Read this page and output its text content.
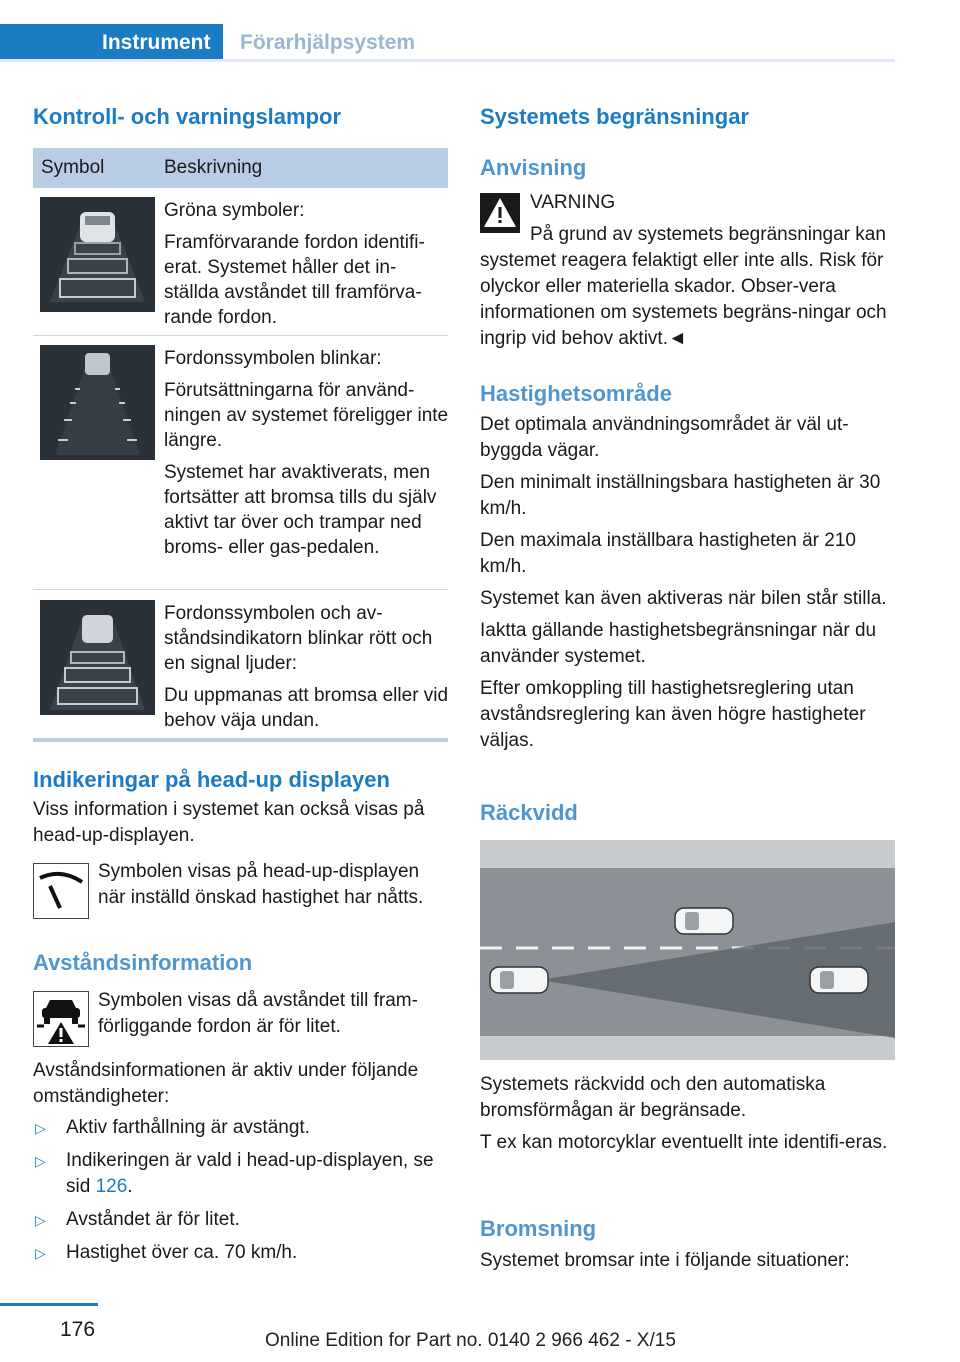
Instrument	Förarhjälpsystem
Kontroll- och varningslampor
Symbol	Beskrivning

Gröna symboler:

Framförvarande fordon identifi-erat. Systemet håller det in-ställda avståndet till framförva-rande fordon.

Fordonssymbolen blinkar:

Förutsättningarna för använd-ningen av systemet föreligger inte längre.

Systemet har avaktiverats, men fortsätter att bromsa tills du själv aktivt tar över och trampar ned broms- eller gas-pedalen.

Fordonssymbolen och av-ståndsindikatorn blinkar rött och en signal ljuder:

Du uppmanas att bromsa eller vid behov väja undan.

Indikeringar på head-up displayen
Viss information i systemet kan också visas på head-up-displayen.
Symbolen visas på head-up-displayen när inställd önskad hastighet har nåtts.
Avståndsinformation
Symbolen visas då avståndet till fram-förliggande fordon är för litet.
Avståndsinformationen är aktiv under följande omständigheter:
▷ Aktiv farthållning är avstängt.
▷ Indikeringen är vald i head-up-displayen, se sid 126.
▷ Avståndet är för litet.
▷ Hastighet över ca. 70 km/h.
Systemets begränsningar
Anvisning
VARNING
På grund av systemets begränsningar kan systemet reagera felaktigt eller inte alls. Risk för olyckor eller materiella skador. Obser-vera informationen om systemets begräns-ningar och ingrip vid behov aktivt.◄
Hastighetsområde

Det optimala användningsområdet är väl ut-byggda vägar.

Den minimalt inställningsbara hastigheten är 30 km/h.

Den maximala inställbara hastigheten är 210 km/h.

Systemet kan även aktiveras när bilen står stilla.

Iaktta gällande hastighetsbegränsningar när du använder systemet.

Efter omkoppling till hastighetsreglering utan avståndsreglering kan även högre hastigheter väljas.

Räckvidd

Systemets räckvidd och den automatiska bromsförmågan är begränsade.

T ex kan motorcyklar eventuellt inte identifi-eras.

Bromsning
Systemet bromsar inte i följande situationer:
176	Online Edition for Part no. 0140 2 966 462 - X/15
